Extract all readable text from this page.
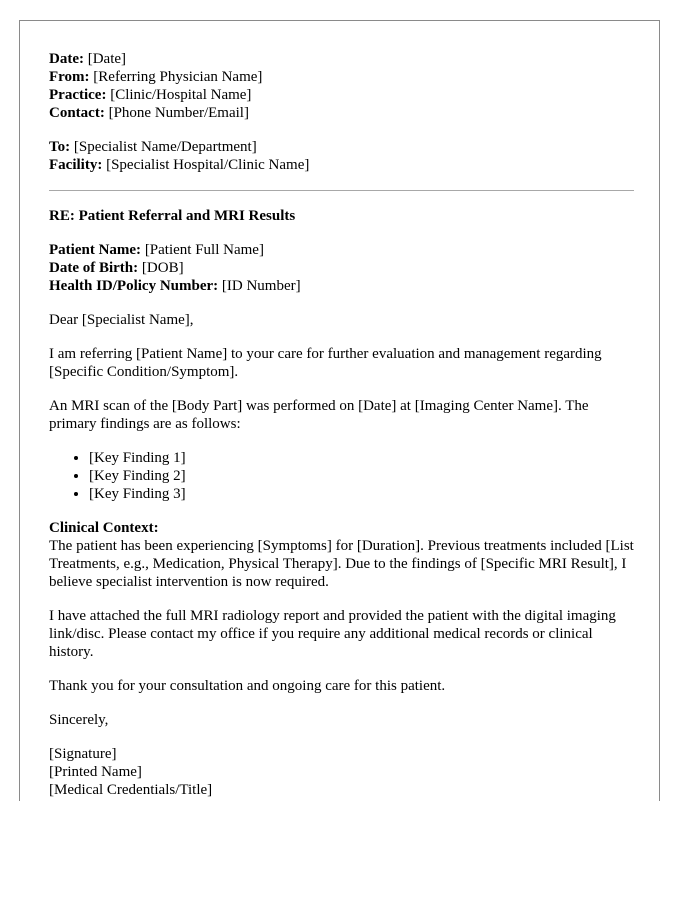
Date: [Date]
From: [Referring Physician Name]
Practice: [Clinic/Hospital Name]
Contact: [Phone Number/Email]

To: [Specialist Name/Department]
Facility: [Specialist Hospital/Clinic Name]

RE: Patient Referral and MRI Results

Patient Name: [Patient Full Name]
Date of Birth: [DOB]
Health ID/Policy Number: [ID Number]

Dear [Specialist Name],

I am referring [Patient Name] to your care for further evaluation and management regarding [Specific Condition/Symptom].

An MRI scan of the [Body Part] was performed on [Date] at [Imaging Center Name]. The primary findings are as follows:

• [Key Finding 1]
• [Key Finding 2]
• [Key Finding 3]

Clinical Context:
The patient has been experiencing [Symptoms] for [Duration]. Previous treatments included [List Treatments, e.g., Medication, Physical Therapy]. Due to the findings of [Specific MRI Result], I believe specialist intervention is now required.

I have attached the full MRI radiology report and provided the patient with the digital imaging link/disc. Please contact my office if you require any additional medical records or clinical history.

Thank you for your consultation and ongoing care for this patient.

Sincerely,

[Signature]
[Printed Name]
[Medical Credentials/Title]
